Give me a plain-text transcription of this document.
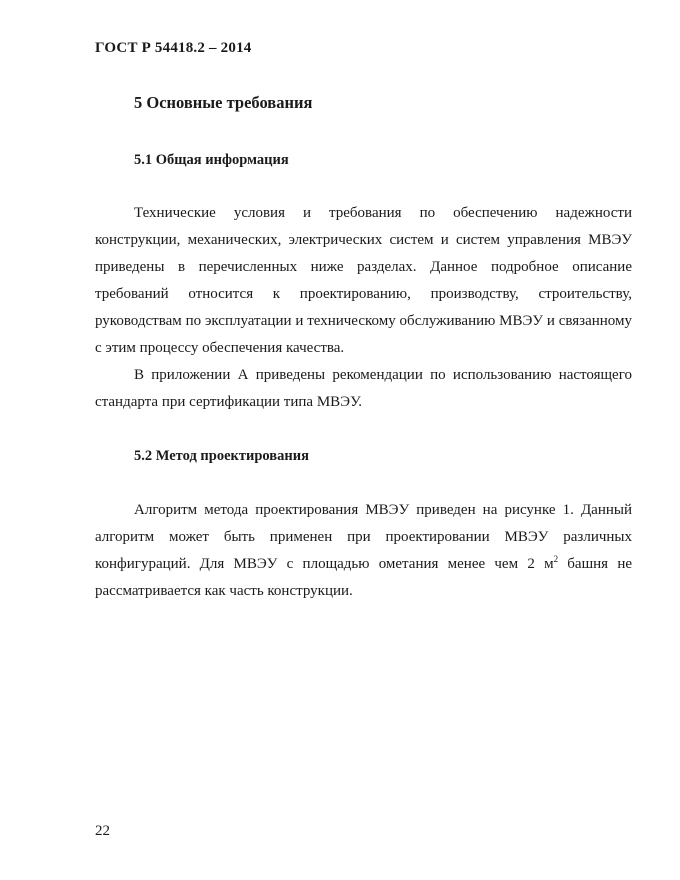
ГОСТ Р 54418.2 – 2014
5 Основные требования
5.1 Общая информация

Технические условия и требования по обеспечению надежности конструкции, механических, электрических систем и систем управления МВЭУ приведены в перечисленных ниже разделах. Данное подробное описание требований относится к проектированию, производству, строительству, руководствам по эксплуатации и техническому обслуживанию МВЭУ и связанному с этим процессу обеспечения качества.

В приложении А приведены рекомендации по использованию настоящего стандарта при сертификации типа МВЭУ.

5.2 Метод проектирования

Алгоритм метода проектирования МВЭУ приведен на рисунке 1. Данный алгоритм может быть применен при проектировании МВЭУ различных конфигураций. Для МВЭУ с площадью ометания менее чем 2 $м^2$ башня не рассматривается как часть конструкции.

22
